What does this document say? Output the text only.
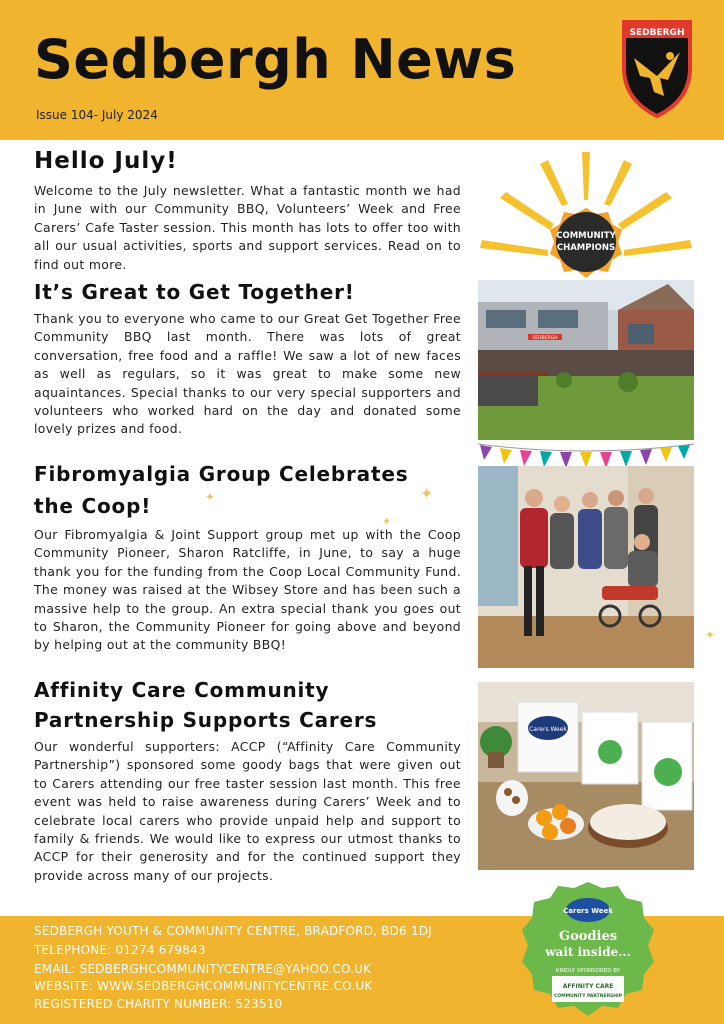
Sedbergh News
Issue 104- July 2024
SEDBERGH
Hello July!

Welcome to the July newsletter. What a fantastic month we had in June with our Community BBQ, Volunteers’ Week and Free Carers’ Cafe Taster session. This month has lots to offer too with all our usual activities, sports and support services. Read on to find out more.

It’s Great to Get Together!

Thank you to everyone who came to our Great Get Together Free Community BBQ last month. There was lots of great conversation, free food and a raffle! We saw a lot of new faces as well as regulars, so it was great to make some new aquaintances. Special thanks to our very special supporters and volunteers who worked hard on the day and donated some lovely prizes and food.

Fibromyalgia Group Celebrates
the Coop!

Our Fibromyalgia & Joint Support group met up with the Coop Community Pioneer, Sharon Ratcliffe, in June, to say a huge thank you for the funding from the Coop Local Community Fund. The money was raised at the Wibsey Store and has been such a massive help to the group. An extra special thank you goes out to Sharon, the Community Pioneer for going above and beyond by helping out at the community BBQ!

Affinity Care Community
Partnership Supports Carers

Our wonderful supporters: ACCP (“Affinity Care Community Partnership”) sponsored some goody bags that were given out to Carers attending our free taster session last month. This free event was held to raise awareness during Carers’ Week and to celebrate local carers who provide unpaid help and support to family & friends. We would like to express our utmost thanks to ACCP for their generosity and for the continued support they provide across many of our projects.

✦
✦
✦
✦
COMMUNITY
CHAMPIONS
SEDBERGH
Carers Week
SEDBERGH YOUTH & COMMUNITY CENTRE, BRADFORD, BD6 1DJ
TELEPHONE: 01274 679843
EMAIL: SEDBERGHCOMMUNITYCENTRE@YAHOO.CO.UK
WEBSITE: WWW.SEDBERGHCOMMUNITYCENTRE.CO.UK
REGISTERED CHARITY NUMBER: 523510
Carers Week
Goodies
wait inside...
KINDLY SPONSORED BY
AFFINITY CARE
COMMUNITY PARTNERSHIP
